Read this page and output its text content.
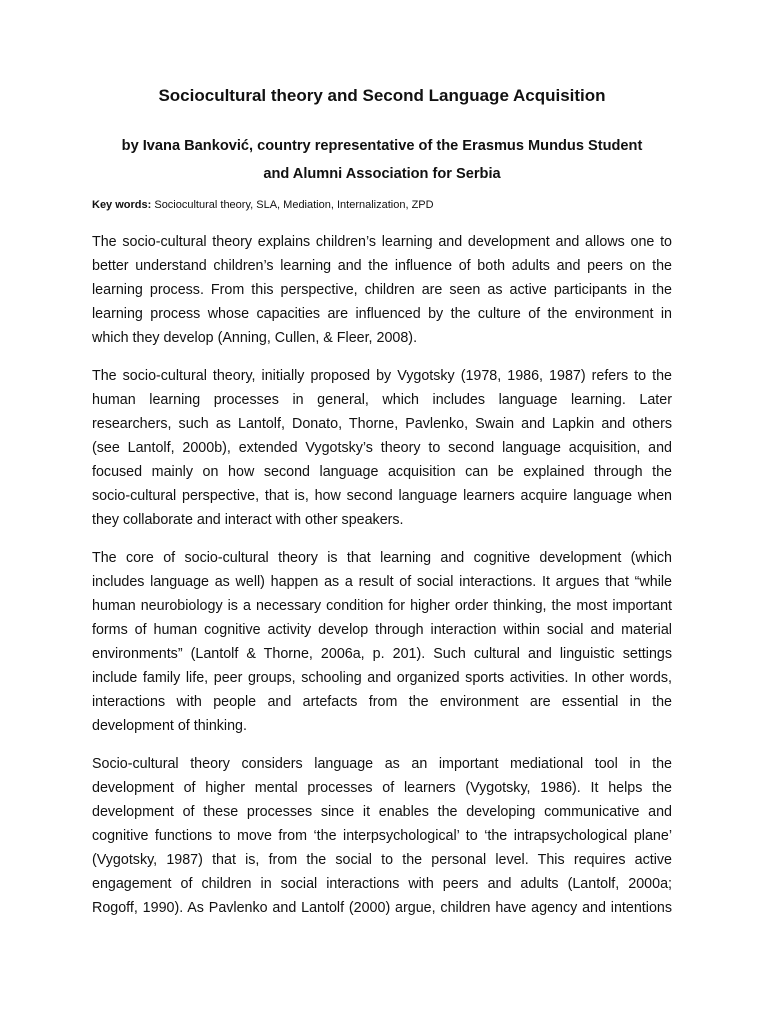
Sociocultural theory and Second Language Acquisition
by Ivana Banković, country representative of the Erasmus Mundus Student
and Alumni Association for Serbia
Key words: Sociocultural theory, SLA, Mediation, Internalization, ZPD
The socio-cultural theory explains children’s learning and development and allows one to
better understand children’s learning and the influence of both adults and peers on the
learning process. From this perspective, children are seen as active participants in the
learning process whose capacities are influenced by the culture of the environment in
which they develop (Anning, Cullen, & Fleer, 2008).
The socio-cultural theory, initially proposed by Vygotsky (1978, 1986, 1987) refers to the
human learning processes in general, which includes language learning. Later
researchers, such as Lantolf, Donato, Thorne, Pavlenko, Swain and Lapkin and others
(see Lantolf, 2000b), extended Vygotsky’s theory to second language acquisition, and
focused mainly on how second language acquisition can be explained through the
socio-cultural perspective, that is, how second language learners acquire language when
they collaborate and interact with other speakers.
The core of socio-cultural theory is that learning and cognitive development (which
includes language as well) happen as a result of social interactions. It argues that “while
human neurobiology is a necessary condition for higher order thinking, the most important
forms of human cognitive activity develop through interaction within social and material
environments” (Lantolf & Thorne, 2006a, p. 201). Such cultural and linguistic settings
include family life, peer groups, schooling and organized sports activities. In other words,
interactions with people and artefacts from the environment are essential in the
development of thinking.
Socio-cultural theory considers language as an important mediational tool in the
development of higher mental processes of learners (Vygotsky, 1986). It helps the
development of these processes since it enables the developing communicative and
cognitive functions to move from ‘the interpsychological’ to ‘the intrapsychological plane’
(Vygotsky, 1987) that is, from the social to the personal level. This requires active
engagement of children in social interactions with peers and adults (Lantolf, 2000a;
Rogoff, 1990). As Pavlenko and Lantolf (2000) argue, children have agency and intentions
